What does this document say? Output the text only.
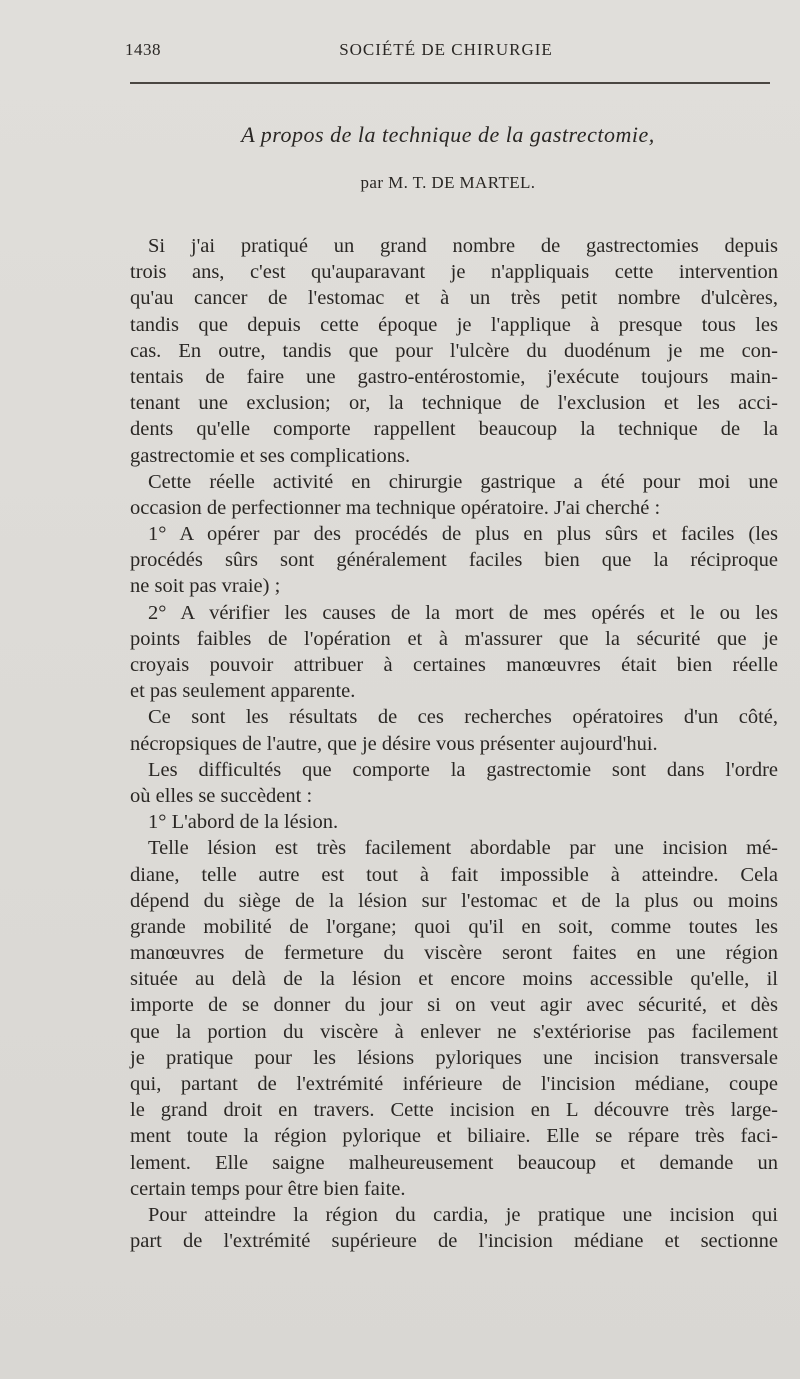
1438	SOCIÉTÉ DE CHIRURGIE
A propos de la technique de la gastrectomie,
par M. T. DE MARTEL.
Si j'ai pratiqué un grand nombre de gastrectomies depuis
trois ans, c'est qu'auparavant je n'appliquais cette intervention
qu'au cancer de l'estomac et à un très petit nombre d'ulcères,
tandis que depuis cette époque je l'applique à presque tous les
cas. En outre, tandis que pour l'ulcère du duodénum je me con-
tentais de faire une gastro-entérostomie, j'exécute toujours main-
tenant une exclusion; or, la technique de l'exclusion et les acci-
dents qu'elle comporte rappellent beaucoup la technique de la
gastrectomie et ses complications.
Cette réelle activité en chirurgie gastrique a été pour moi une
occasion de perfectionner ma technique opératoire. J'ai cherché :
1° A opérer par des procédés de plus en plus sûrs et faciles (les
procédés sûrs sont généralement faciles bien que la réciproque
ne soit pas vraie) ;
2° A vérifier les causes de la mort de mes opérés et le ou les
points faibles de l'opération et à m'assurer que la sécurité que je
croyais pouvoir attribuer à certaines manœuvres était bien réelle
et pas seulement apparente.
Ce sont les résultats de ces recherches opératoires d'un côté,
nécropsiques de l'autre, que je désire vous présenter aujourd'hui.
Les difficultés que comporte la gastrectomie sont dans l'ordre
où elles se succèdent :
1° L'abord de la lésion.
Telle lésion est très facilement abordable par une incision mé-
diane, telle autre est tout à fait impossible à atteindre. Cela
dépend du siège de la lésion sur l'estomac et de la plus ou moins
grande mobilité de l'organe; quoi qu'il en soit, comme toutes les
manœuvres de fermeture du viscère seront faites en une région
située au delà de la lésion et encore moins accessible qu'elle, il
importe de se donner du jour si on veut agir avec sécurité, et dès
que la portion du viscère à enlever ne s'extériorise pas facilement
je pratique pour les lésions pyloriques une incision transversale
qui, partant de l'extrémité inférieure de l'incision médiane, coupe
le grand droit en travers. Cette incision en L découvre très large-
ment toute la région pylorique et biliaire. Elle se répare très faci-
lement. Elle saigne malheureusement beaucoup et demande un
certain temps pour être bien faite.
Pour atteindre la région du cardia, je pratique une incision qui
part de l'extrémité supérieure de l'incision médiane et sectionne
